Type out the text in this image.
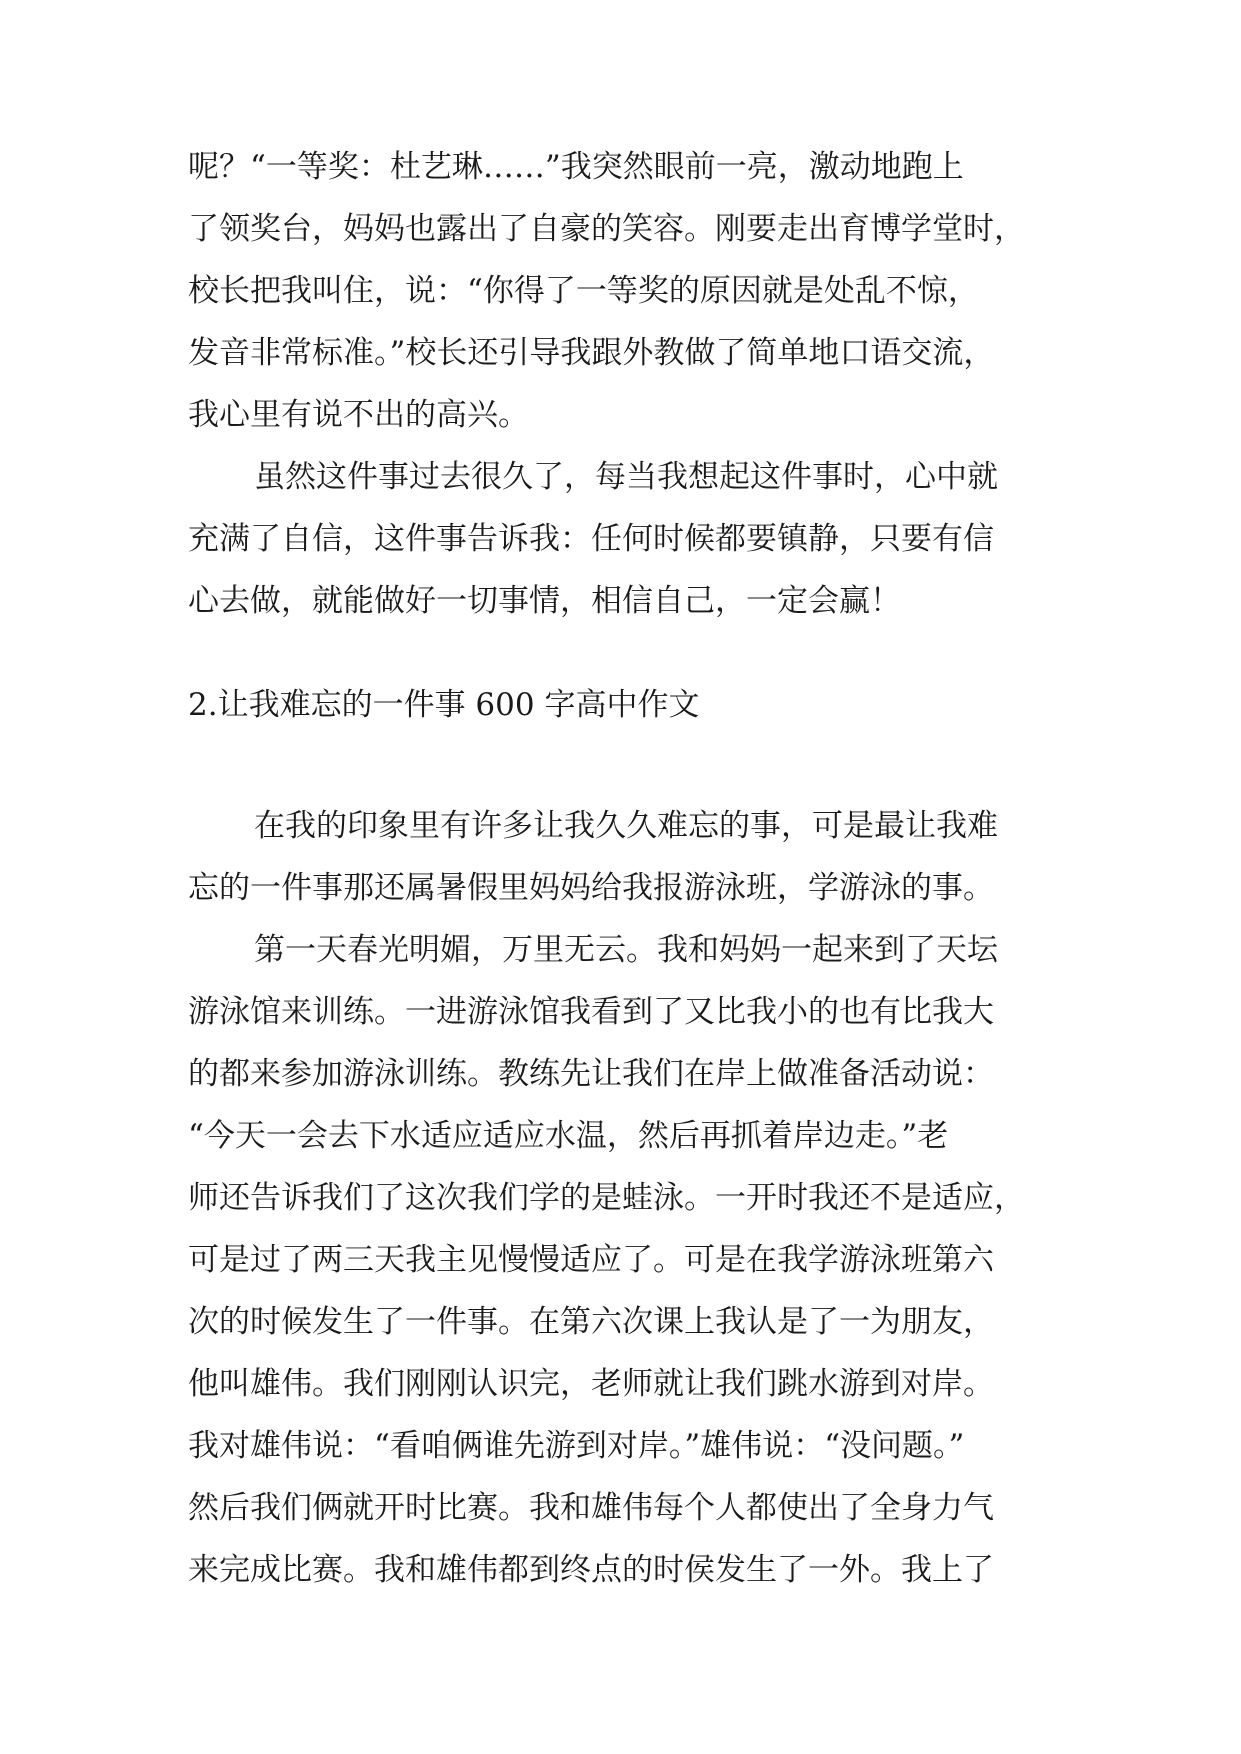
呢？“一等奖：杜艺琳……”我突然眼前一亮，激动地跑上
了领奖台，妈妈也露出了自豪的笑容。刚要走出育博学堂时，
校长把我叫住，说：“你得了一等奖的原因就是处乱不惊，
发音非常标准。”校长还引导我跟外教做了简单地口语交流，
我心里有说不出的高兴。
虽然这件事过去很久了，每当我想起这件事时，心中就
充满了自信，这件事告诉我：任何时候都要镇静，只要有信
心去做，就能做好一切事情，相信自己，一定会赢！
2.让我难忘的一件事 600 字高中作文
在我的印象里有许多让我久久难忘的事，可是最让我难
忘的一件事那还属暑假里妈妈给我报游泳班，学游泳的事。
第一天春光明媚，万里无云。我和妈妈一起来到了天坛
游泳馆来训练。一进游泳馆我看到了又比我小的也有比我大
的都来参加游泳训练。教练先让我们在岸上做准备活动说：
“今天一会去下水适应适应水温，然后再抓着岸边走。”老
师还告诉我们了这次我们学的是蛙泳。一开时我还不是适应，
可是过了两三天我主见慢慢适应了。可是在我学游泳班第六
次的时候发生了一件事。在第六次课上我认是了一为朋友，
他叫雄伟。我们刚刚认识完，老师就让我们跳水游到对岸。
我对雄伟说：“看咱俩谁先游到对岸。”雄伟说：“没问题。”
然后我们俩就开时比赛。我和雄伟每个人都使出了全身力气
来完成比赛。我和雄伟都到终点的时侯发生了一外。我上了
